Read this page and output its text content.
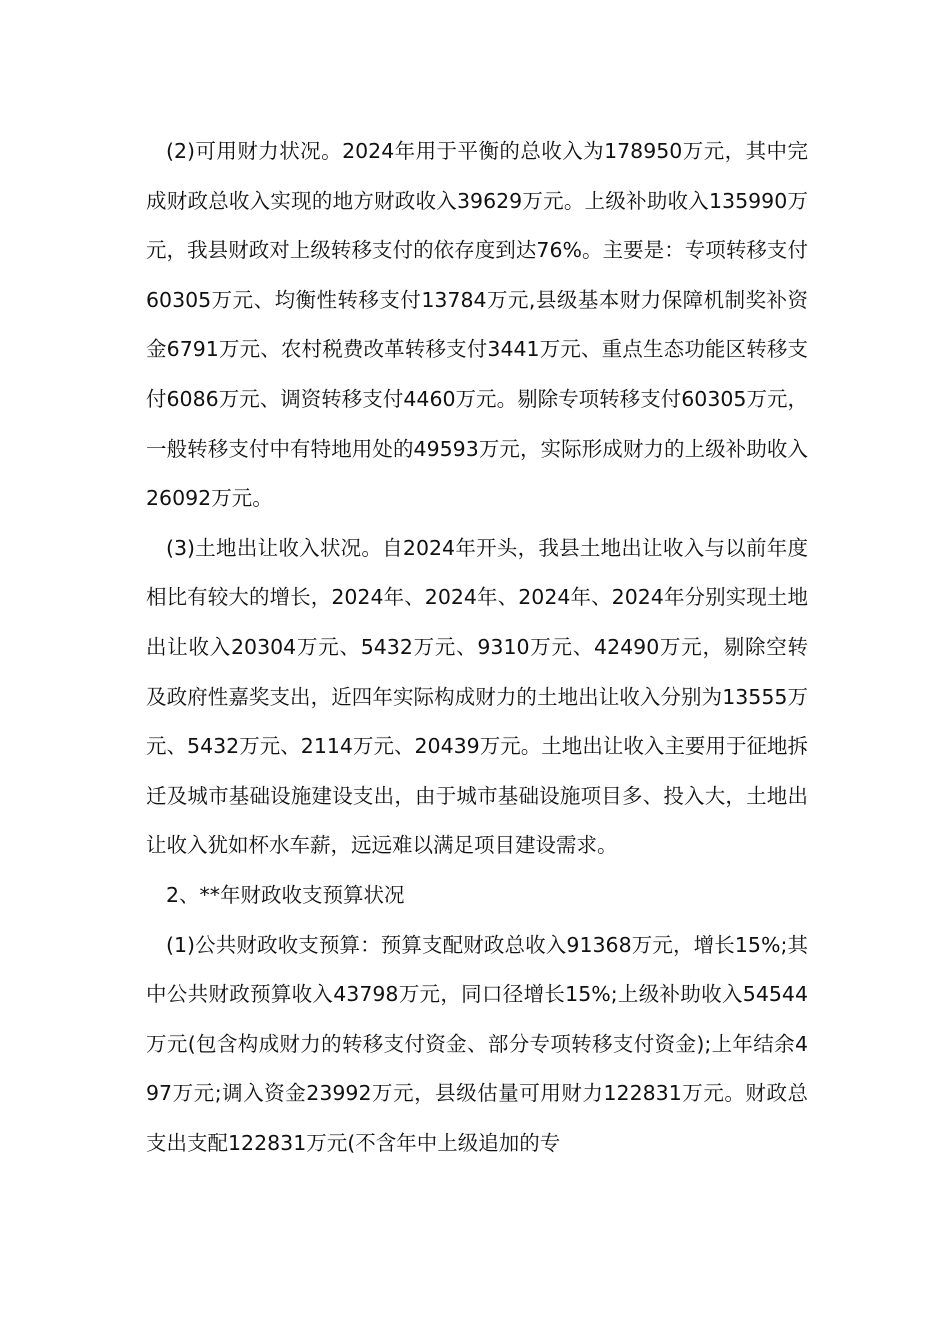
(2)可用财力状况。2024年用于平衡的总收入为178950万元，其中完成财政总收入实现的地方财政收入39629万元。上级补助收入135990万元，我县财政对上级转移支付的依存度到达76%。主要是：专项转移支付60305万元、均衡性转移支付13784万元,县级基本财力保障机制奖补资金6791万元、农村税费改革转移支付3441万元、重点生态功能区转移支付6086万元、调资转移支付4460万元。剔除专项转移支付60305万元，一般转移支付中有特地用处的49593万元，实际形成财力的上级补助收入26092万元。

(3)土地出让收入状况。自2024年开头，我县土地出让收入与以前年度相比有较大的增长，2024年、2024年、2024年、2024年分别实现土地出让收入20304万元、5432万元、9310万元、42490万元，剔除空转及政府性嘉奖支出，近四年实际构成财力的土地出让收入分别为13555万元、5432万元、2114万元、20439万元。土地出让收入主要用于征地拆迁及城市基础设施建设支出，由于城市基础设施项目多、投入大，土地出让收入犹如杯水车薪，远远难以满足项目建设需求。

2、**年财政收支预算状况

(1)公共财政收支预算：预算支配财政总收入91368万元，增长15%;其中公共财政预算收入43798万元，同口径增长15%;上级补助收入54544万元(包含构成财力的转移支付资金、部分专项转移支付资金);上年结余497万元;调入资金23992万元，县级估量可用财力122831万元。财政总支出支配122831万元(不含年中上级追加的专
